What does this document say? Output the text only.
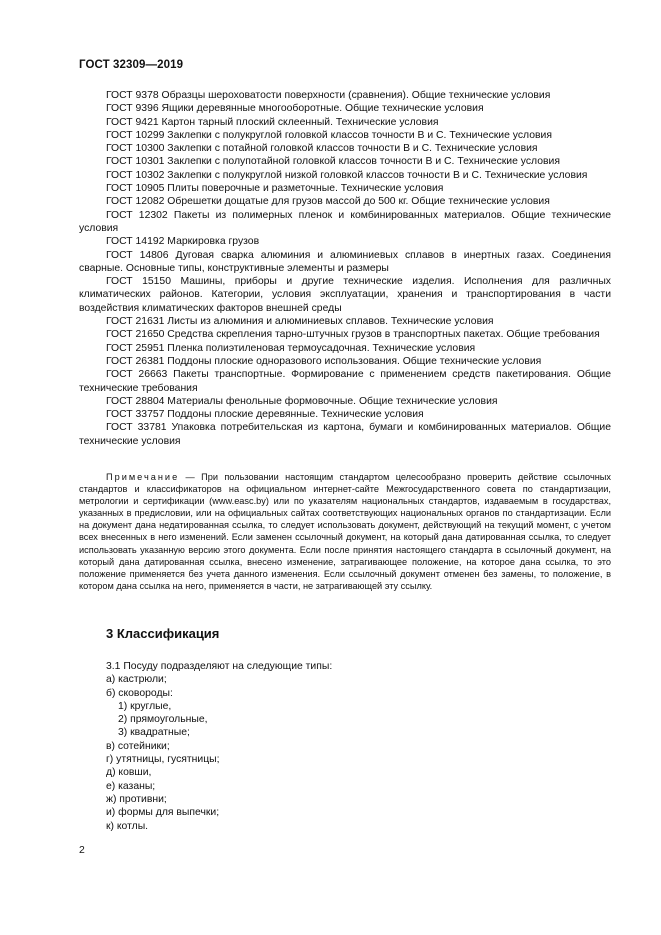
ГОСТ 32309—2019

ГОСТ 9378 Образцы шероховатости поверхности (сравнения). Общие технические условия

ГОСТ 9396 Ящики деревянные многооборотные. Общие технические условия

ГОСТ 9421 Картон тарный плоский склеенный. Технические условия

ГОСТ 10299 Заклепки с полукруглой головкой классов точности В и С. Технические условия

ГОСТ 10300 Заклепки с потайной головкой классов точности В и С. Технические условия

ГОСТ 10301 Заклепки с полупотайной головкой классов точности В и С. Технические условия

ГОСТ 10302 Заклепки с полукруглой низкой головкой классов точности В и С. Технические условия

ГОСТ 10905 Плиты поверочные и разметочные. Технические условия

ГОСТ 12082 Обрешетки дощатые для грузов массой до 500 кг. Общие технические условия

ГОСТ 12302 Пакеты из полимерных пленок и комбинированных материалов. Общие технические условия

ГОСТ 14192 Маркировка грузов

ГОСТ 14806 Дуговая сварка алюминия и алюминиевых сплавов в инертных газах. Соединения сварные. Основные типы, конструктивные элементы и размеры

ГОСТ 15150 Машины, приборы и другие технические изделия. Исполнения для различных климатических районов. Категории, условия эксплуатации, хранения и транспортирования в части воздействия климатических факторов внешней среды

ГОСТ 21631 Листы из алюминия и алюминиевых сплавов. Технические условия

ГОСТ 21650 Средства скрепления тарно-штучных грузов в транспортных пакетах. Общие требования

ГОСТ 25951 Пленка полиэтиленовая термоусадочная. Технические условия

ГОСТ 26381 Поддоны плоские одноразового использования. Общие технические условия

ГОСТ 26663 Пакеты транспортные. Формирование с применением средств пакетирования. Общие технические требования

ГОСТ 28804 Материалы фенольные формовочные. Общие технические условия

ГОСТ 33757 Поддоны плоские деревянные. Технические условия

ГОСТ 33781 Упаковка потребительская из картона, бумаги и комбинированных материалов. Общие технические условия

Примечание — При пользовании настоящим стандартом целесообразно проверить действие ссылочных стандартов и классификаторов на официальном интернет-сайте Межгосударственного совета по стандартизации, метрологии и сертификации (www.easc.by) или по указателям национальных стандартов, издаваемым в государствах, указанных в предисловии, или на официальных сайтах соответствующих национальных органов по стандартизации. Если на документ дана недатированная ссылка, то следует использовать документ, действующий на текущий момент, с учетом всех внесенных в него изменений. Если заменен ссылочный документ, на который дана датированная ссылка, то следует использовать указанную версию этого документа. Если после принятия настоящего стандарта в ссылочный документ, на который дана датированная ссылка, внесено изменение, затрагивающее положение, на которое дана ссылка, то это положение применяется без учета данного изменения. Если ссылочный документ отменен без замены, то положение, в котором дана ссылка на него, применяется в части, не затрагивающей эту ссылку.

3 Классификация

3.1 Посуду подразделяют на следующие типы:

а) кастрюли;

б) сковороды:

1) круглые,

2) прямоугольные,

3) квадратные;

в) сотейники;

г) утятницы, гусятницы;

д) ковши,

е) казаны;

ж) противни;

и) формы для выпечки;

к) котлы.

2
